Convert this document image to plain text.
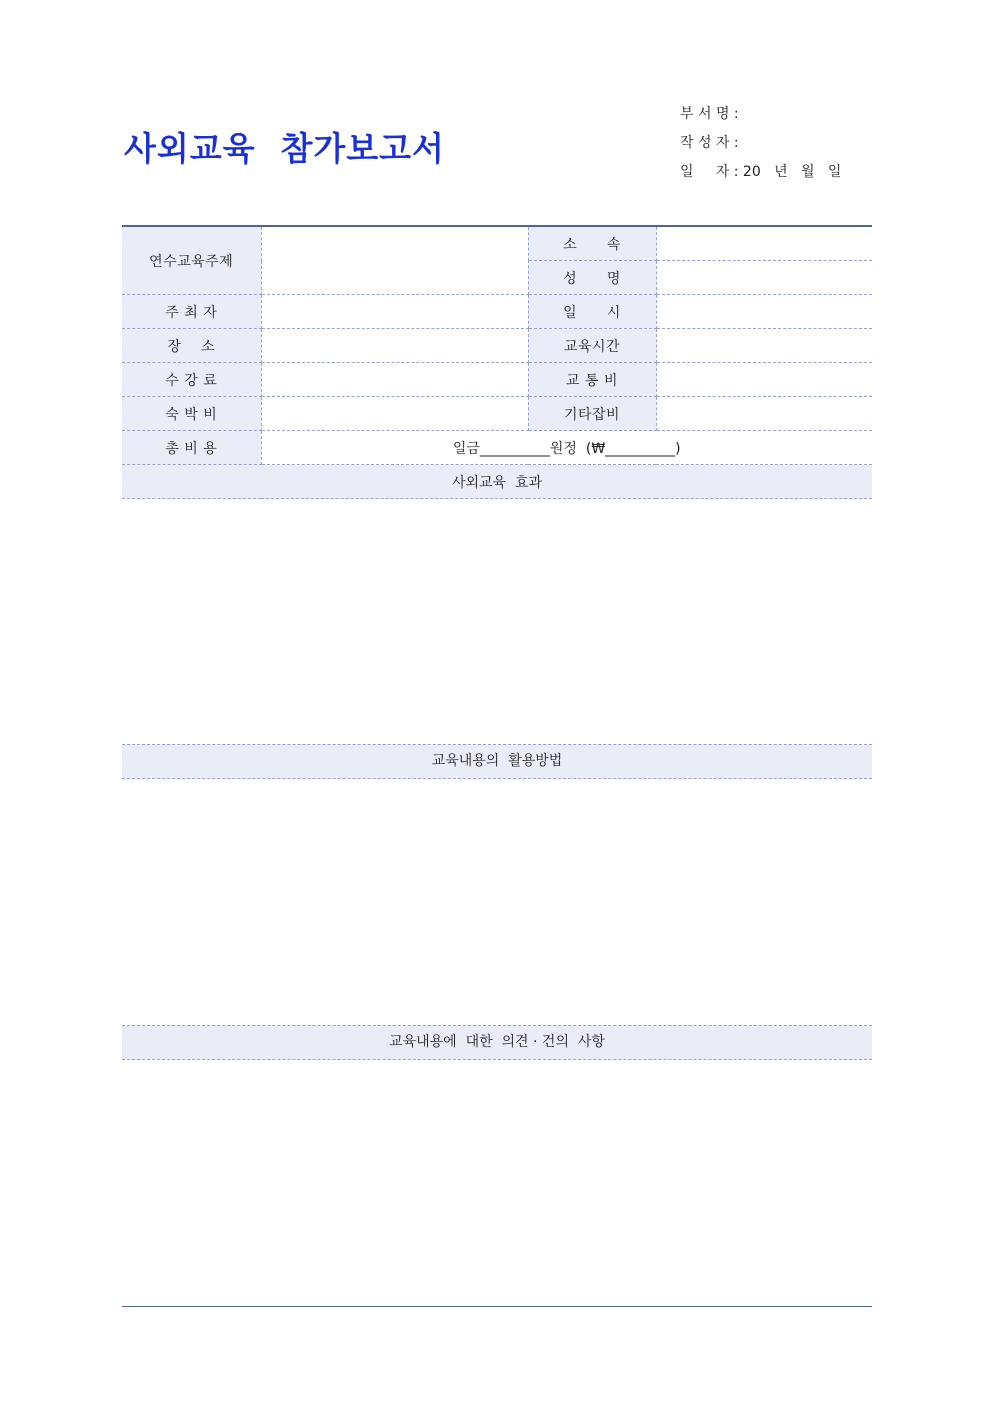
사외교육  참가보고서
부 서 명 :
작 성 자 :
일     자 : 20   년   월   일
연수교육주제		소      속	
		성      명	
주 최 자		일      시	
장    소		교육시간	
수 강 료		교 통 비	
숙 박 비		기타잡비	
총 비 용	일금__________원정  (₩__________)		
사외교육  효과			
교육내용의  활용방법
교육내용에  대한  의견 · 건의  사항
